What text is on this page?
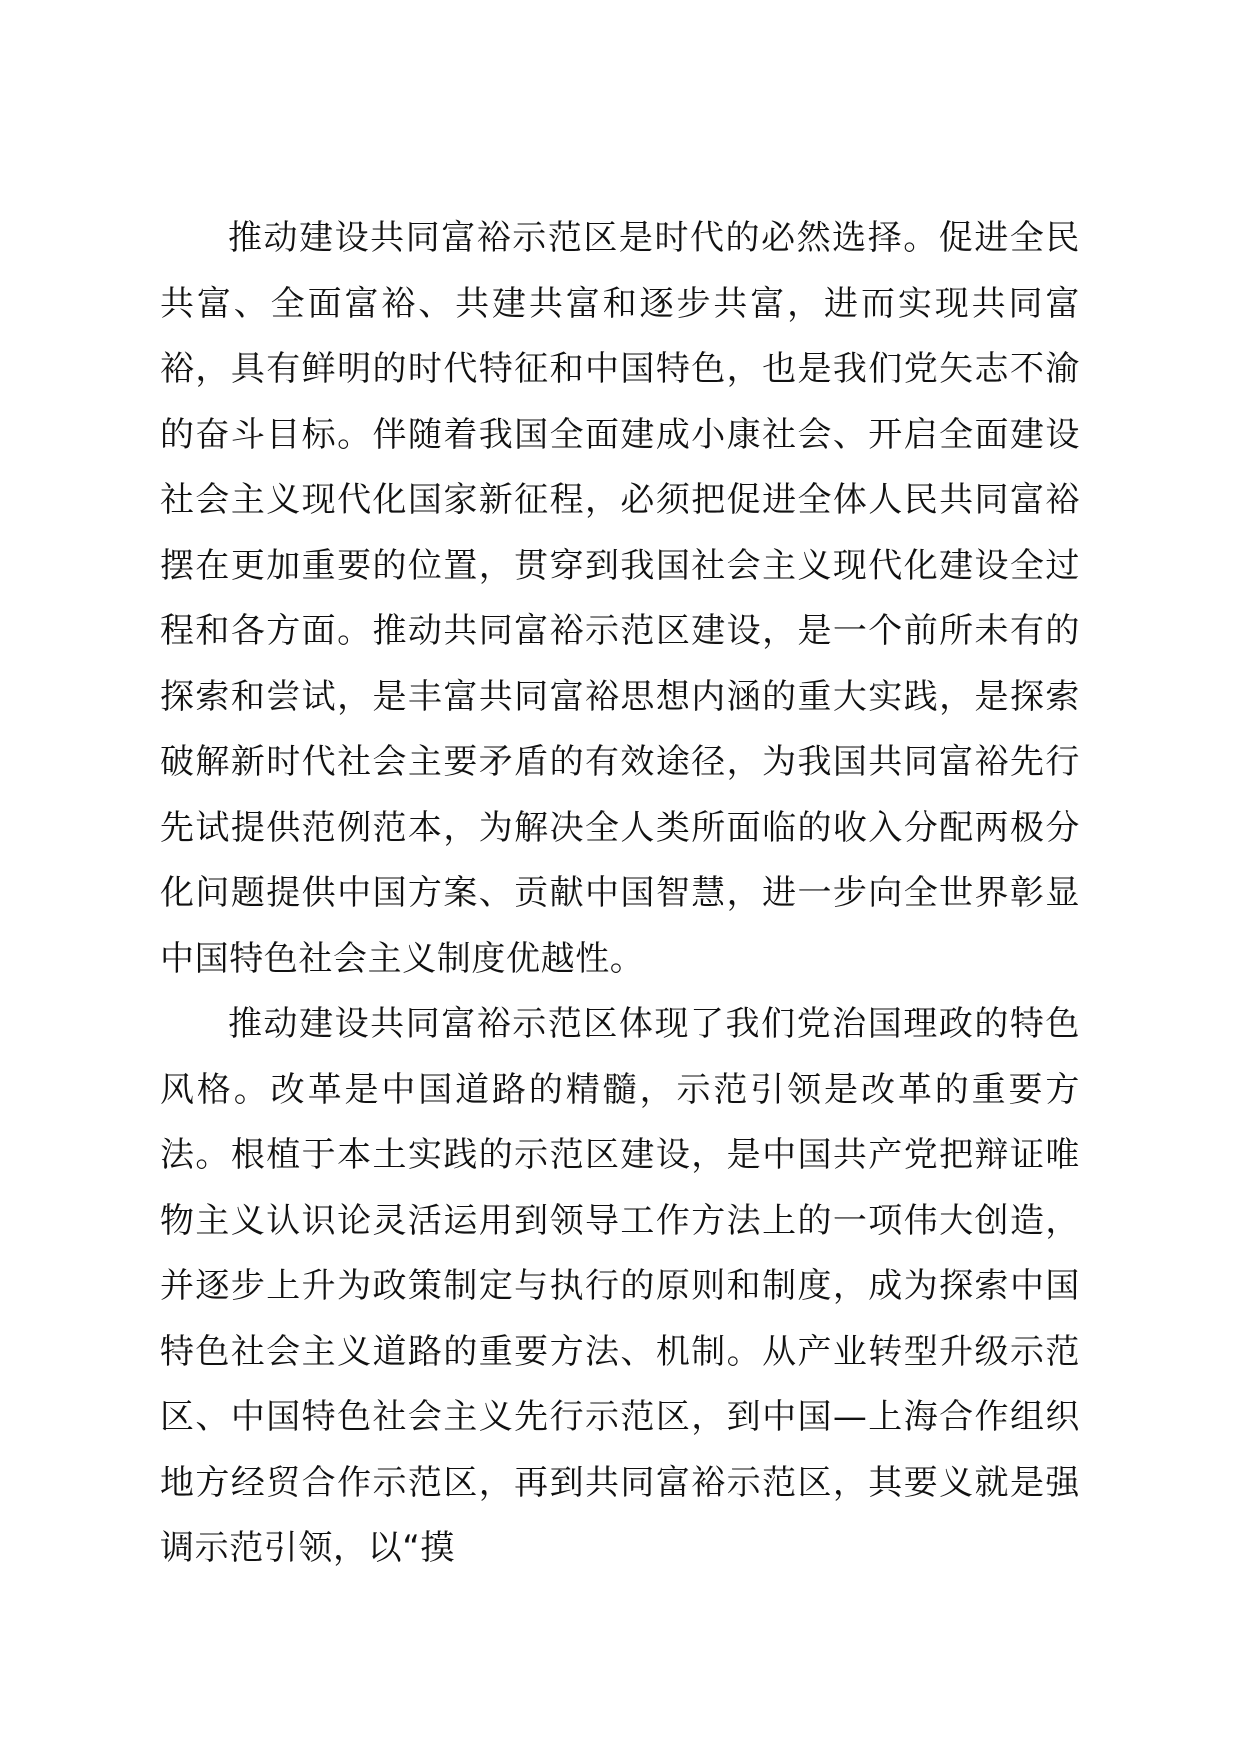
推动建设共同富裕示范区是时代的必然选择。促进全民共富、全面富裕、共建共富和逐步共富，进而实现共同富裕，具有鲜明的时代特征和中国特色，也是我们党矢志不渝的奋斗目标。伴随着我国全面建成小康社会、开启全面建设社会主义现代化国家新征程，必须把促进全体人民共同富裕摆在更加重要的位置，贯穿到我国社会主义现代化建设全过程和各方面。推动共同富裕示范区建设，是一个前所未有的探索和尝试，是丰富共同富裕思想内涵的重大实践，是探索破解新时代社会主要矛盾的有效途径，为我国共同富裕先行先试提供范例范本，为解决全人类所面临的收入分配两极分化问题提供中国方案、贡献中国智慧，进一步向全世界彰显中国特色社会主义制度优越性。

推动建设共同富裕示范区体现了我们党治国理政的特色风格。改革是中国道路的精髓，示范引领是改革的重要方法。根植于本土实践的示范区建设，是中国共产党把辩证唯物主义认识论灵活运用到领导工作方法上的一项伟大创造，并逐步上升为政策制定与执行的原则和制度，成为探索中国特色社会主义道路的重要方法、机制。从产业转型升级示范区、中国特色社会主义先行示范区，到中国—上海合作组织地方经贸合作示范区，再到共同富裕示范区，其要义就是强调示范引领，以“摸
